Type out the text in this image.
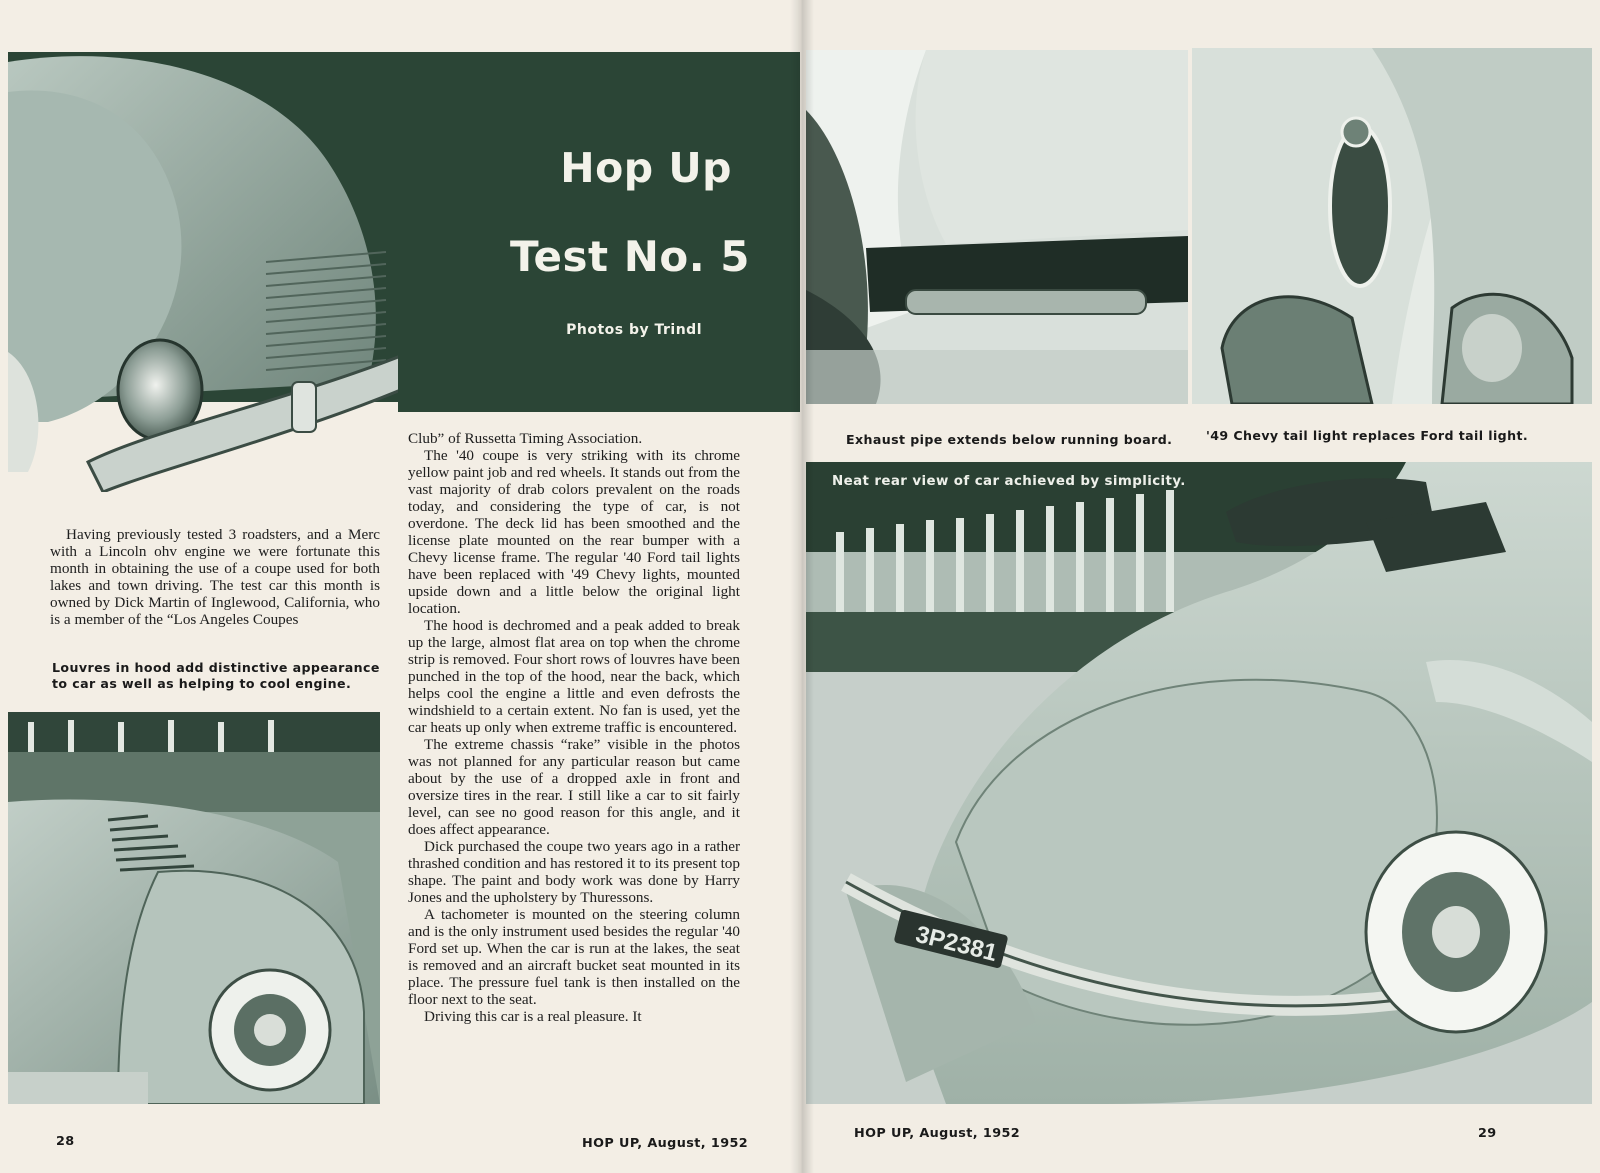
Hop Up
Test No. 5
Photos by Trindl

Having previously tested 3 roadsters, and a Merc with a Lincoln ohv engine we were fortunate this month in obtaining the use of a coupe used for both lakes and town driving. The test car this month is owned by Dick Martin of Inglewood, California, who is a member of the “Los Angeles Coupes

Louvres in hood add distinctive appearance to car as well as helping to cool engine.

Club” of Russetta Timing Association.

The '40 coupe is very striking with its chrome yellow paint job and red wheels. It stands out from the vast majority of drab colors prevalent on the roads today, and considering the type of car, is not overdone. The deck lid has been smoothed and the license plate mounted on the rear bumper with a Chevy license frame. The regular '40 Ford tail lights have been replaced with '49 Chevy lights, mounted upside down and a little below the original light location.

The hood is dechromed and a peak added to break up the large, almost flat area on top when the chrome strip is removed. Four short rows of louvres have been punched in the top of the hood, near the back, which helps cool the engine a little and even defrosts the windshield to a certain extent. No fan is used, yet the car heats up only when extreme traffic is encountered.

The extreme chassis “rake” visible in the photos was not planned for any particular reason but came about by the use of a dropped axle in front and oversize tires in the rear. I still like a car to sit fairly level, can see no good reason for this angle, and it does affect appearance.

Dick purchased the coupe two years ago in a rather thrashed condition and has restored it to its present top shape. The paint and body work was done by Harry Jones and the upholstery by Thuressons.

A tachometer is mounted on the steering column and is the only instrument used besides the regular '40 Ford set up. When the car is run at the lakes, the seat is removed and an aircraft bucket seat mounted in its place. The pressure fuel tank is then installed on the floor next to the seat.

Driving this car is a real pleasure. It

28	HOP UP, August, 1952
Exhaust pipe extends below running board.	'49 Chevy tail light replaces Ford tail light.
3P2381
Neat rear view of car achieved by simplicity.
HOP UP, August, 1952	29
